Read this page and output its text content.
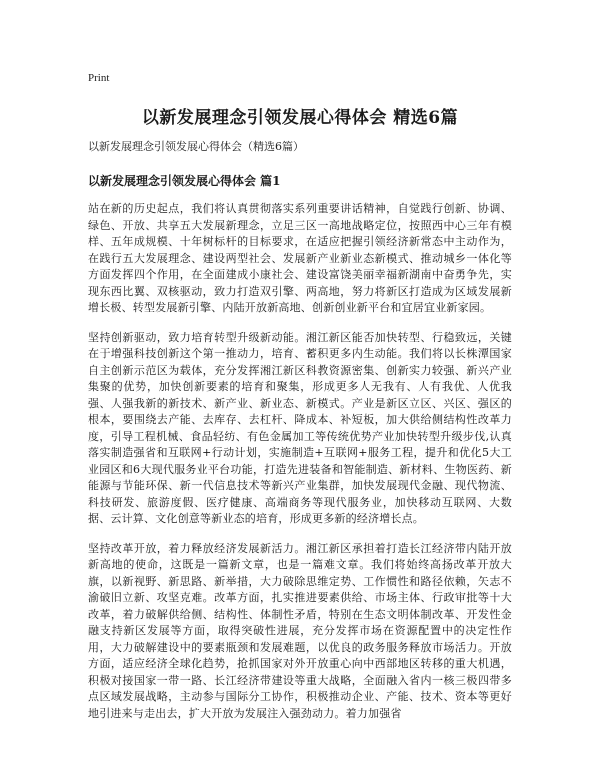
Print
以新发展理念引领发展心得体会 精选6篇
以新发展理念引领发展心得体会（精选6篇）
以新发展理念引领发展心得体会 篇1

站在新的历史起点，我们将认真贯彻落实系列重要讲话精神，自觉践行创新、协调、绿色、开放、共享五大发展新理念，立足三区一高地战略定位，按照西中心三年有模样、五年成规模、十年树标杆的目标要求，在适应把握引领经济新常态中主动作为，在践行五大发展理念、建设两型社会、发展新产业新业态新模式、推动城乡一体化等方面发挥四个作用，在全面建成小康社会、建设富饶美丽幸福新湖南中奋勇争先，实现东西比翼、双核驱动，致力打造双引擎、两高地，努力将新区打造成为区域发展新增长极、转型发展新引擎、内陆开放新高地、创新创业新平台和宜居宜业新家园。

坚持创新驱动，致力培育转型升级新动能。湘江新区能否加快转型、行稳致远，关键在于增强科技创新这个第一推动力，培育、蓄积更多内生动能。我们将以长株潭国家自主创新示范区为载体，充分发挥湘江新区科教资源密集、创新实力较强、新兴产业集聚的优势，加快创新要素的培育和聚集，形成更多人无我有、人有我优、人优我强、人强我新的新技术、新产业、新业态、新模式。产业是新区立区、兴区、强区的根本，要围绕去产能、去库存、去杠杆、降成本、补短板，加大供给侧结构性改革力度，引导工程机械、食品轻纺、有色金属加工等传统优势产业加快转型升级步伐,认真落实制造强省和互联网+行动计划，实施制造+互联网+服务工程，提升和优化5大工业园区和6大现代服务业平台功能，打造先进装备和智能制造、新材料、生物医药、新能源与节能环保、新一代信息技术等新兴产业集群，加快发展现代金融、现代物流、科技研发、旅游度假、医疗健康、高端商务等现代服务业，加快移动互联网、大数据、云计算、文化创意等新业态的培育，形成更多新的经济增长点。

坚持改革开放，着力释放经济发展新活力。湘江新区承担着打造长江经济带内陆开放新高地的使命，这既是一篇新文章，也是一篇难文章。我们将始终高扬改革开放大旗，以新视野、新思路、新举措，大力破除思维定势、工作惯性和路径依赖，矢志不渝破旧立新、攻坚克难。改革方面，扎实推进要素供给、市场主体、行政审批等十大改革，着力破解供给侧、结构性、体制性矛盾，特别在生态文明体制改革、开发性金融支持新区发展等方面，取得突破性进展，充分发挥市场在资源配置中的决定性作用，大力破解建设中的要素瓶颈和发展难题，以优良的政务服务释放市场活力。开放方面，适应经济全球化趋势，抢抓国家对外开放重心向中西部地区转移的重大机遇，积极对接国家一带一路、长江经济带建设等重大战略，全面融入省内一核三极四带多点区域发展战略，主动参与国际分工协作，积极推动企业、产能、技术、资本等更好地引进来与走出去，扩大开放为发展注入强劲动力。着力加强省
